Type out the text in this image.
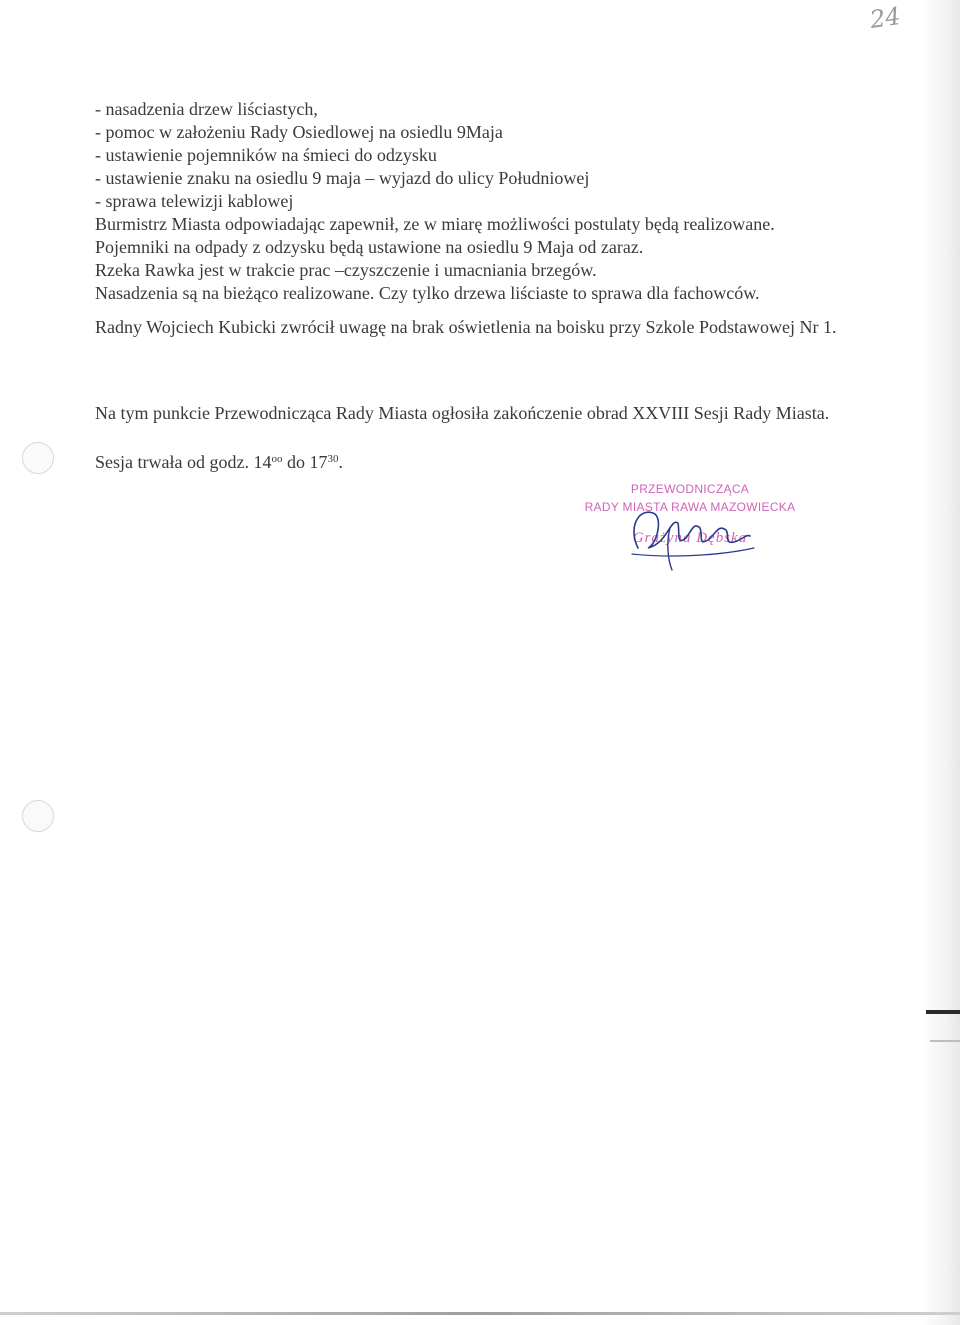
24
- nasadzenia drzew liściastych,
- pomoc w założeniu Rady Osiedlowej na osiedlu 9Maja
- ustawienie pojemników na śmieci do odzysku
- ustawienie znaku na osiedlu 9 maja – wyjazd do ulicy Południowej
- sprawa telewizji kablowej
Burmistrz Miasta odpowiadając zapewnił, ze w miarę możliwości postulaty będą realizowane.
Pojemniki na odpady z odzysku będą ustawione na osiedlu 9 Maja od zaraz.
Rzeka Rawka jest w trakcie prac –czyszczenie i umacniania brzegów.
Nasadzenia są na bieżąco realizowane. Czy tylko drzewa liściaste to sprawa dla fachowców.
Radny Wojciech Kubicki zwrócił uwagę na brak oświetlenia na boisku przy Szkole Podstawowej Nr 1.
Na tym punkcie Przewodnicząca Rady Miasta ogłosiła zakończenie obrad XXVIII Sesji Rady Miasta.
Sesja trwała od godz. $14^{oo}$ do $17^{30}$.
PRZEWODNICZĄCA
RADY MIASTA RAWA MAZOWIECKA
Grażyna Dębska
